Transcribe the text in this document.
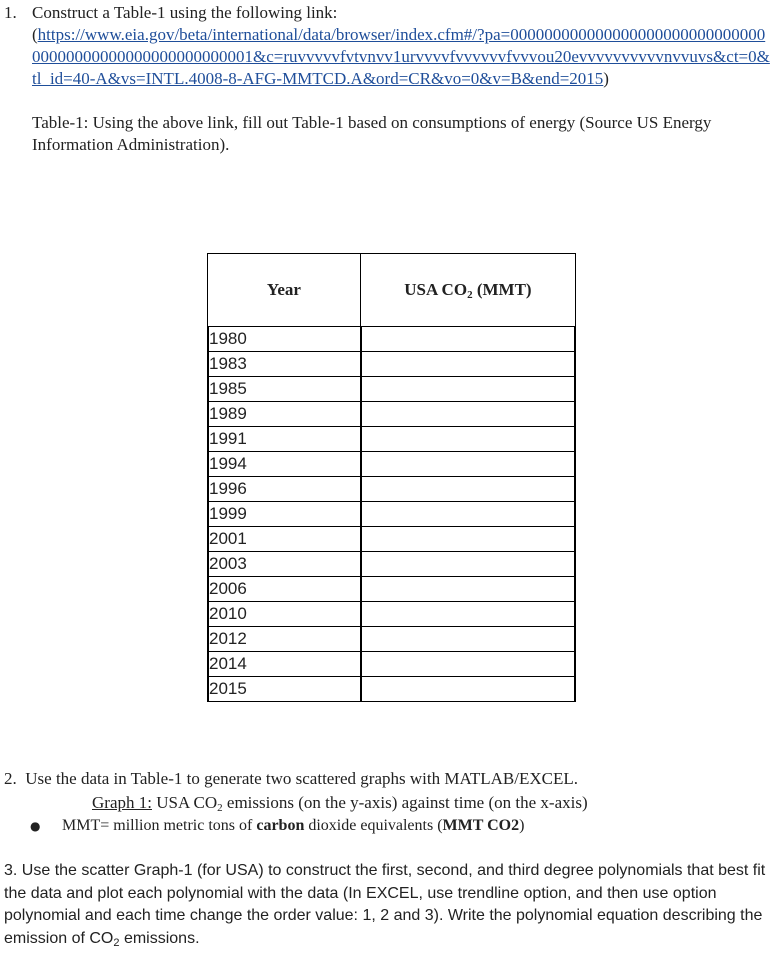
1. Construct a Table-1 using the following link:
(https://www.eia.gov/beta/international/data/browser/index.cfm#/?pa=00000000000000000000000000000000000000000000000000000001&c=ruvvvvvfvtvnvv1urvvvvfvvvvvvfvvvou20evvvvvvvvvvnvvuvs&ct=0&tl_id=40-A&vs=INTL.4008-8-AFG-MMTCD.A&ord=CR&vo=0&v=B&end=2015)
Table-1: Using the above link, fill out Table-1 based on consumptions of energy (Source US Energy Information Administration).
Year	USA $CO_2$ (MMT)
1980	
1983	
1985	
1989	
1991	
1994	
1996	
1999	
2001	
2003	
2006	
2010	
2012	
2014	
2015	
2. Use the data in Table-1 to generate two scattered graphs with MATLAB/EXCEL.
Graph 1: USA $CO_2$ emissions (on the y-axis) against time (on the x-axis)
●	MMT= million metric tons of carbon dioxide equivalents (MMT CO2)
3. Use the scatter Graph-1 (for USA) to construct the first, second, and third degree polynomials that best fit the data and plot each polynomial with the data (In EXCEL, use trendline option, and then use option polynomial and each time change the order value: 1, 2 and 3). Write the polynomial equation describing the emission of $CO_2$ emissions.
